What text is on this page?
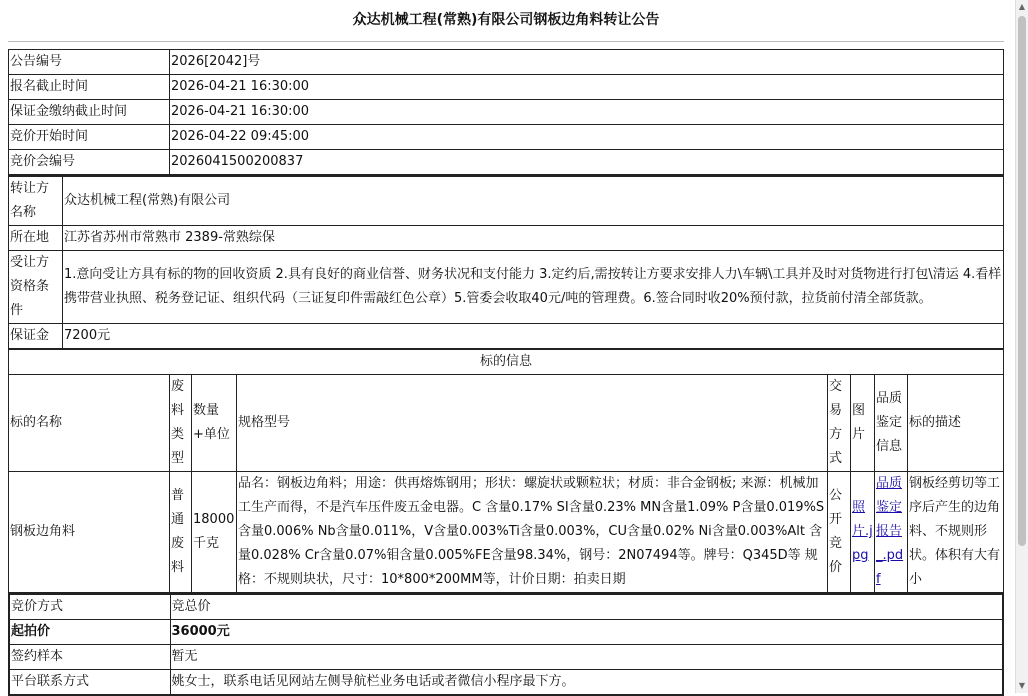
众达机械工程(常熟)有限公司钢板边角料转让公告
公告编号	2026[2042]号
报名截止时间	2026-04-21 16:30:00
保证金缴纳截止时间	2026-04-21 16:30:00
竞价开始时间	2026-04-22 09:45:00
竞价会编号	2026041500200837
转让方名称	众达机械工程(常熟)有限公司
所在地	江苏省苏州市常熟市 2389-常熟综保
受让方资格条件	1.意向受让方具有标的物的回收资质 2.具有良好的商业信誉、财务状况和支付能力 3.定约后,需按转让方要求安排人力\车辆\工具并及时对货物进行打包\清运 4.看样携带营业执照、税务登记证、组织代码（三证复印件需敲红色公章）5.管委会收取40元/吨的管理费。6.签合同时收20%预付款，拉货前付清全部货款。
保证金	7200元
标的信息							
标的名称	废料类型	数量+单位	规格型号	交易方式	图片	品质鉴定信息	标的描述
钢板边角料	普通废料	18000千克	品名：钢板边角料；用途：供再熔炼钢用；形状：螺旋状或颗粒状；材质：非合金钢板; 来源：机械加工生产而得，不是汽车压件废五金电器。C 含量0.17% SI含量0.23% MN含量1.09% P含量0.019%S含量0.006% Nb含量0.011%，V含量0.003%Ti含量0.003%，CU含量0.02% Ni含量0.003%Alt 含量0.028% Cr含量0.07%钼含量0.005%FE含量98.34%，钢号：2N07494等。牌号：Q345D等 规格：不规则块状，尺寸：10*800*200MM等，计价日期：拍卖日期	公开竞价	照片.jpg	品质鉴定报告_.pdf	钢板经剪切等工序后产生的边角料、不规则形状。体积有大有小
竞价方式	竞总价
起拍价	36000元
签约样本	暂无
平台联系方式	姚女士，联系电话见网站左侧导航栏业务电话或者微信小程序最下方。
▲
▼
